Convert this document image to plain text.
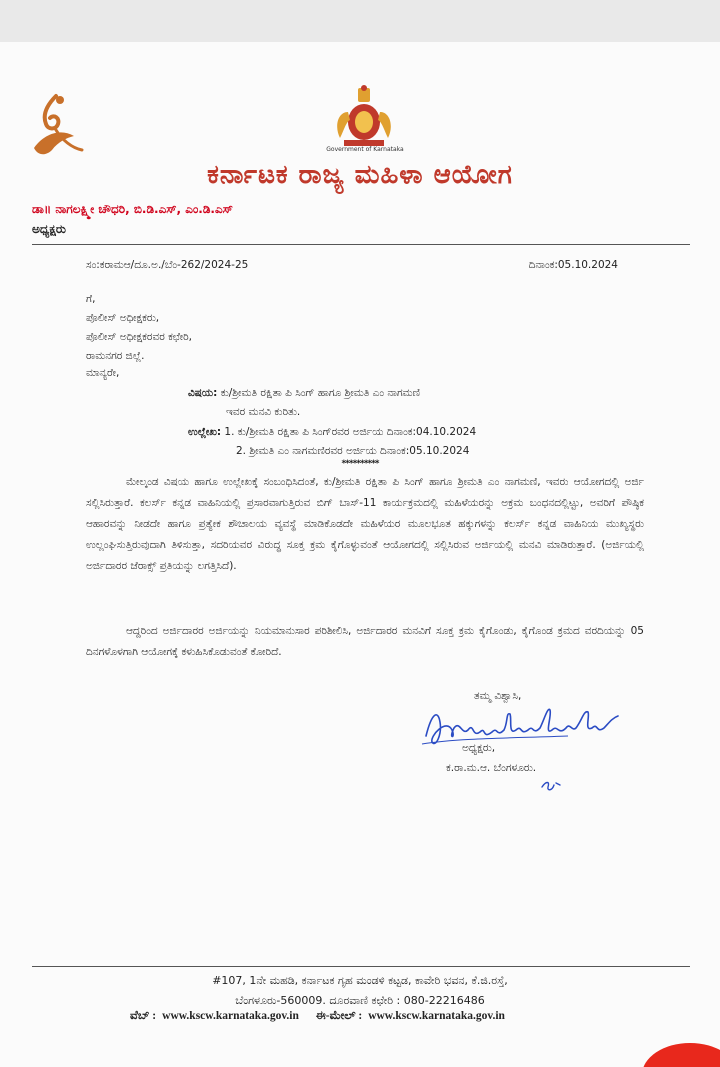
Government of Karnataka
ಕರ್ನಾಟಕ ರಾಜ್ಯ ಮಹಿಳಾ ಆಯೋಗ
ಡಾ॥ ನಾಗಲಕ್ಷ್ಮೀ ಚೌಧರಿ, ಬಿ.ಡಿ.ಎಸ್, ಎಂ.ಡಿ.ಎಸ್
ಅಧ್ಯಕ್ಷರು
ಸಂ:ಕರಾಮಆ/ದೂ.ಅ./ಬೆಂ-262/2024-25	ದಿನಾಂಕ:05.10.2024
ಗೆ,
ಪೊಲೀಸ್ ಅಧೀಕ್ಷಕರು,
ಪೊಲೀಸ್ ಅಧೀಕ್ಷಕರವರ ಕಛೇರಿ,
ರಾಮನಗರ ಜಿಲ್ಲೆ.
ಮಾನ್ಯರೇ,
ವಿಷಯ: ಕು/ಶ್ರೀಮತಿ ರಕ್ಷಿತಾ ಪಿ ಸಿಂಗ್ ಹಾಗೂ ಶ್ರೀಮತಿ ಎಂ ನಾಗಮಣಿ
ಇವರ ಮನವಿ ಕುರಿತು.
ಉಲ್ಲೇಖ: 1. ಕು/ಶ್ರೀಮತಿ ರಕ್ಷಿತಾ ಪಿ ಸಿಂಗ್‌ರವರ ಅರ್ಜಿಯ ದಿನಾಂಕ:04.10.2024
2. ಶ್ರೀಮತಿ ಎಂ ನಾಗಮಣಿರವರ ಅರ್ಜಿಯ ದಿನಾಂಕ:05.10.2024
**********
ಮೇಲ್ಕಂಡ ವಿಷಯ ಹಾಗೂ ಉಲ್ಲೇಖಕ್ಕೆ ಸಂಬಂಧಿಸಿದಂತೆ, ಕು/ಶ್ರೀಮತಿ ರಕ್ಷಿತಾ ಪಿ ಸಿಂಗ್ ಹಾಗೂ ಶ್ರೀಮತಿ ಎಂ ನಾಗಮಣಿ, ಇವರು ಆಯೋಗದಲ್ಲಿ ಅರ್ಜಿ ಸಲ್ಲಿಸಿರುತ್ತಾರೆ. ಕಲರ್ಸ್ ಕನ್ನಡ ವಾಹಿನಿಯಲ್ಲಿ ಪ್ರಸಾರವಾಗುತ್ತಿರುವ ಬಿಗ್ ಬಾಸ್-11 ಕಾರ್ಯಕ್ರಮದಲ್ಲಿ ಮಹಿಳೆಯರನ್ನು ಅಕ್ರಮ ಬಂಧನದಲ್ಲಿಟ್ಟು, ಅವರಿಗೆ ಪೌಷ್ಠಿಕ ಆಹಾರವನ್ನು ನೀಡದೇ ಹಾಗೂ ಪ್ರತ್ಯೇಕ ಶೌಚಾಲಯ ವ್ಯವಸ್ಥೆ ಮಾಡಿಕೊಡದೇ ಮಹಿಳೆಯರ ಮೂಲಭೂತ ಹಕ್ಕುಗಳನ್ನು ಕಲರ್ಸ್ ಕನ್ನಡ ವಾಹಿನಿಯ ಮುಖ್ಯಸ್ಥರು ಉಲ್ಲಂಘಿಸುತ್ತಿರುವುದಾಗಿ ತಿಳಿಸುತ್ತಾ, ಸದರಿಯವರ ವಿರುದ್ಧ ಸೂಕ್ತ ಕ್ರಮ ಕೈಗೊಳ್ಳುವಂತೆ ಆಯೋಗದಲ್ಲಿ ಸಲ್ಲಿಸಿರುವ ಅರ್ಜಿಯಲ್ಲಿ ಮನವಿ ಮಾಡಿರುತ್ತಾರೆ. (ಅರ್ಜಿಯಲ್ಲಿ ಅರ್ಜಿದಾರರ ಜೆರಾಕ್ಸ್ ಪ್ರತಿಯನ್ನು ಲಗತ್ತಿಸಿದೆ).
ಆದ್ದರಿಂದ ಅರ್ಜಿದಾರರ ಅರ್ಜಿಯನ್ನು ನಿಯಮಾನುಸಾರ ಪರಿಶೀಲಿಸಿ, ಅರ್ಜಿದಾರರ ಮನವಿಗೆ ಸೂಕ್ತ ಕ್ರಮ ಕೈಗೊಂಡು, ಕೈಗೊಂಡ ಕ್ರಮದ ವರದಿಯನ್ನು 05 ದಿನಗಳೊಳಗಾಗಿ ಆಯೋಗಕ್ಕೆ ಕಳುಹಿಸಿಕೊಡುವಂತೆ ಕೋರಿದೆ.
ತಮ್ಮ ವಿಶ್ವಾಸಿ,
ಅಧ್ಯಕ್ಷರು,
ಕ.ರಾ.ಮ.ಆ. ಬೆಂಗಳೂರು.
#107, 1ನೇ ಮಹಡಿ, ಕರ್ನಾಟಕ ಗೃಹ ಮಂಡಳಿ ಕಟ್ಟಡ, ಕಾವೇರಿ ಭವನ, ಕೆ.ಜಿ.ರಸ್ತೆ,
ಬೆಂಗಳೂರು-560009. ದೂರವಾಣಿ ಕಛೇರಿ : 080-22216486
ವೆಬ್ : www.kscw.karnataka.gov.in ಈ-ಮೇಲ್ : www.kscw.karnataka.gov.in
